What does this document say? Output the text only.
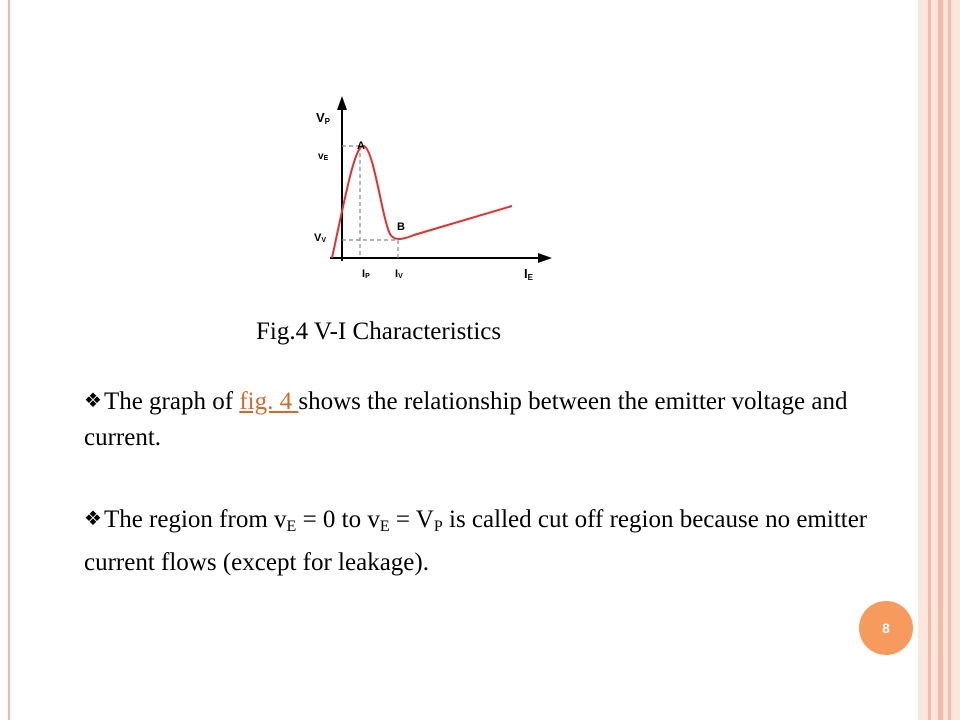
VP
vE
VV
A
B
IP IV	IE
Fig.4 V-I Characteristics
❖The graph of fig. 4 shows the relationship between the emitter voltage and current.
❖The region from $v_E = 0$ to $v_E = V_P$ is called cut off region because no emitter current flows (except for leakage).
8
